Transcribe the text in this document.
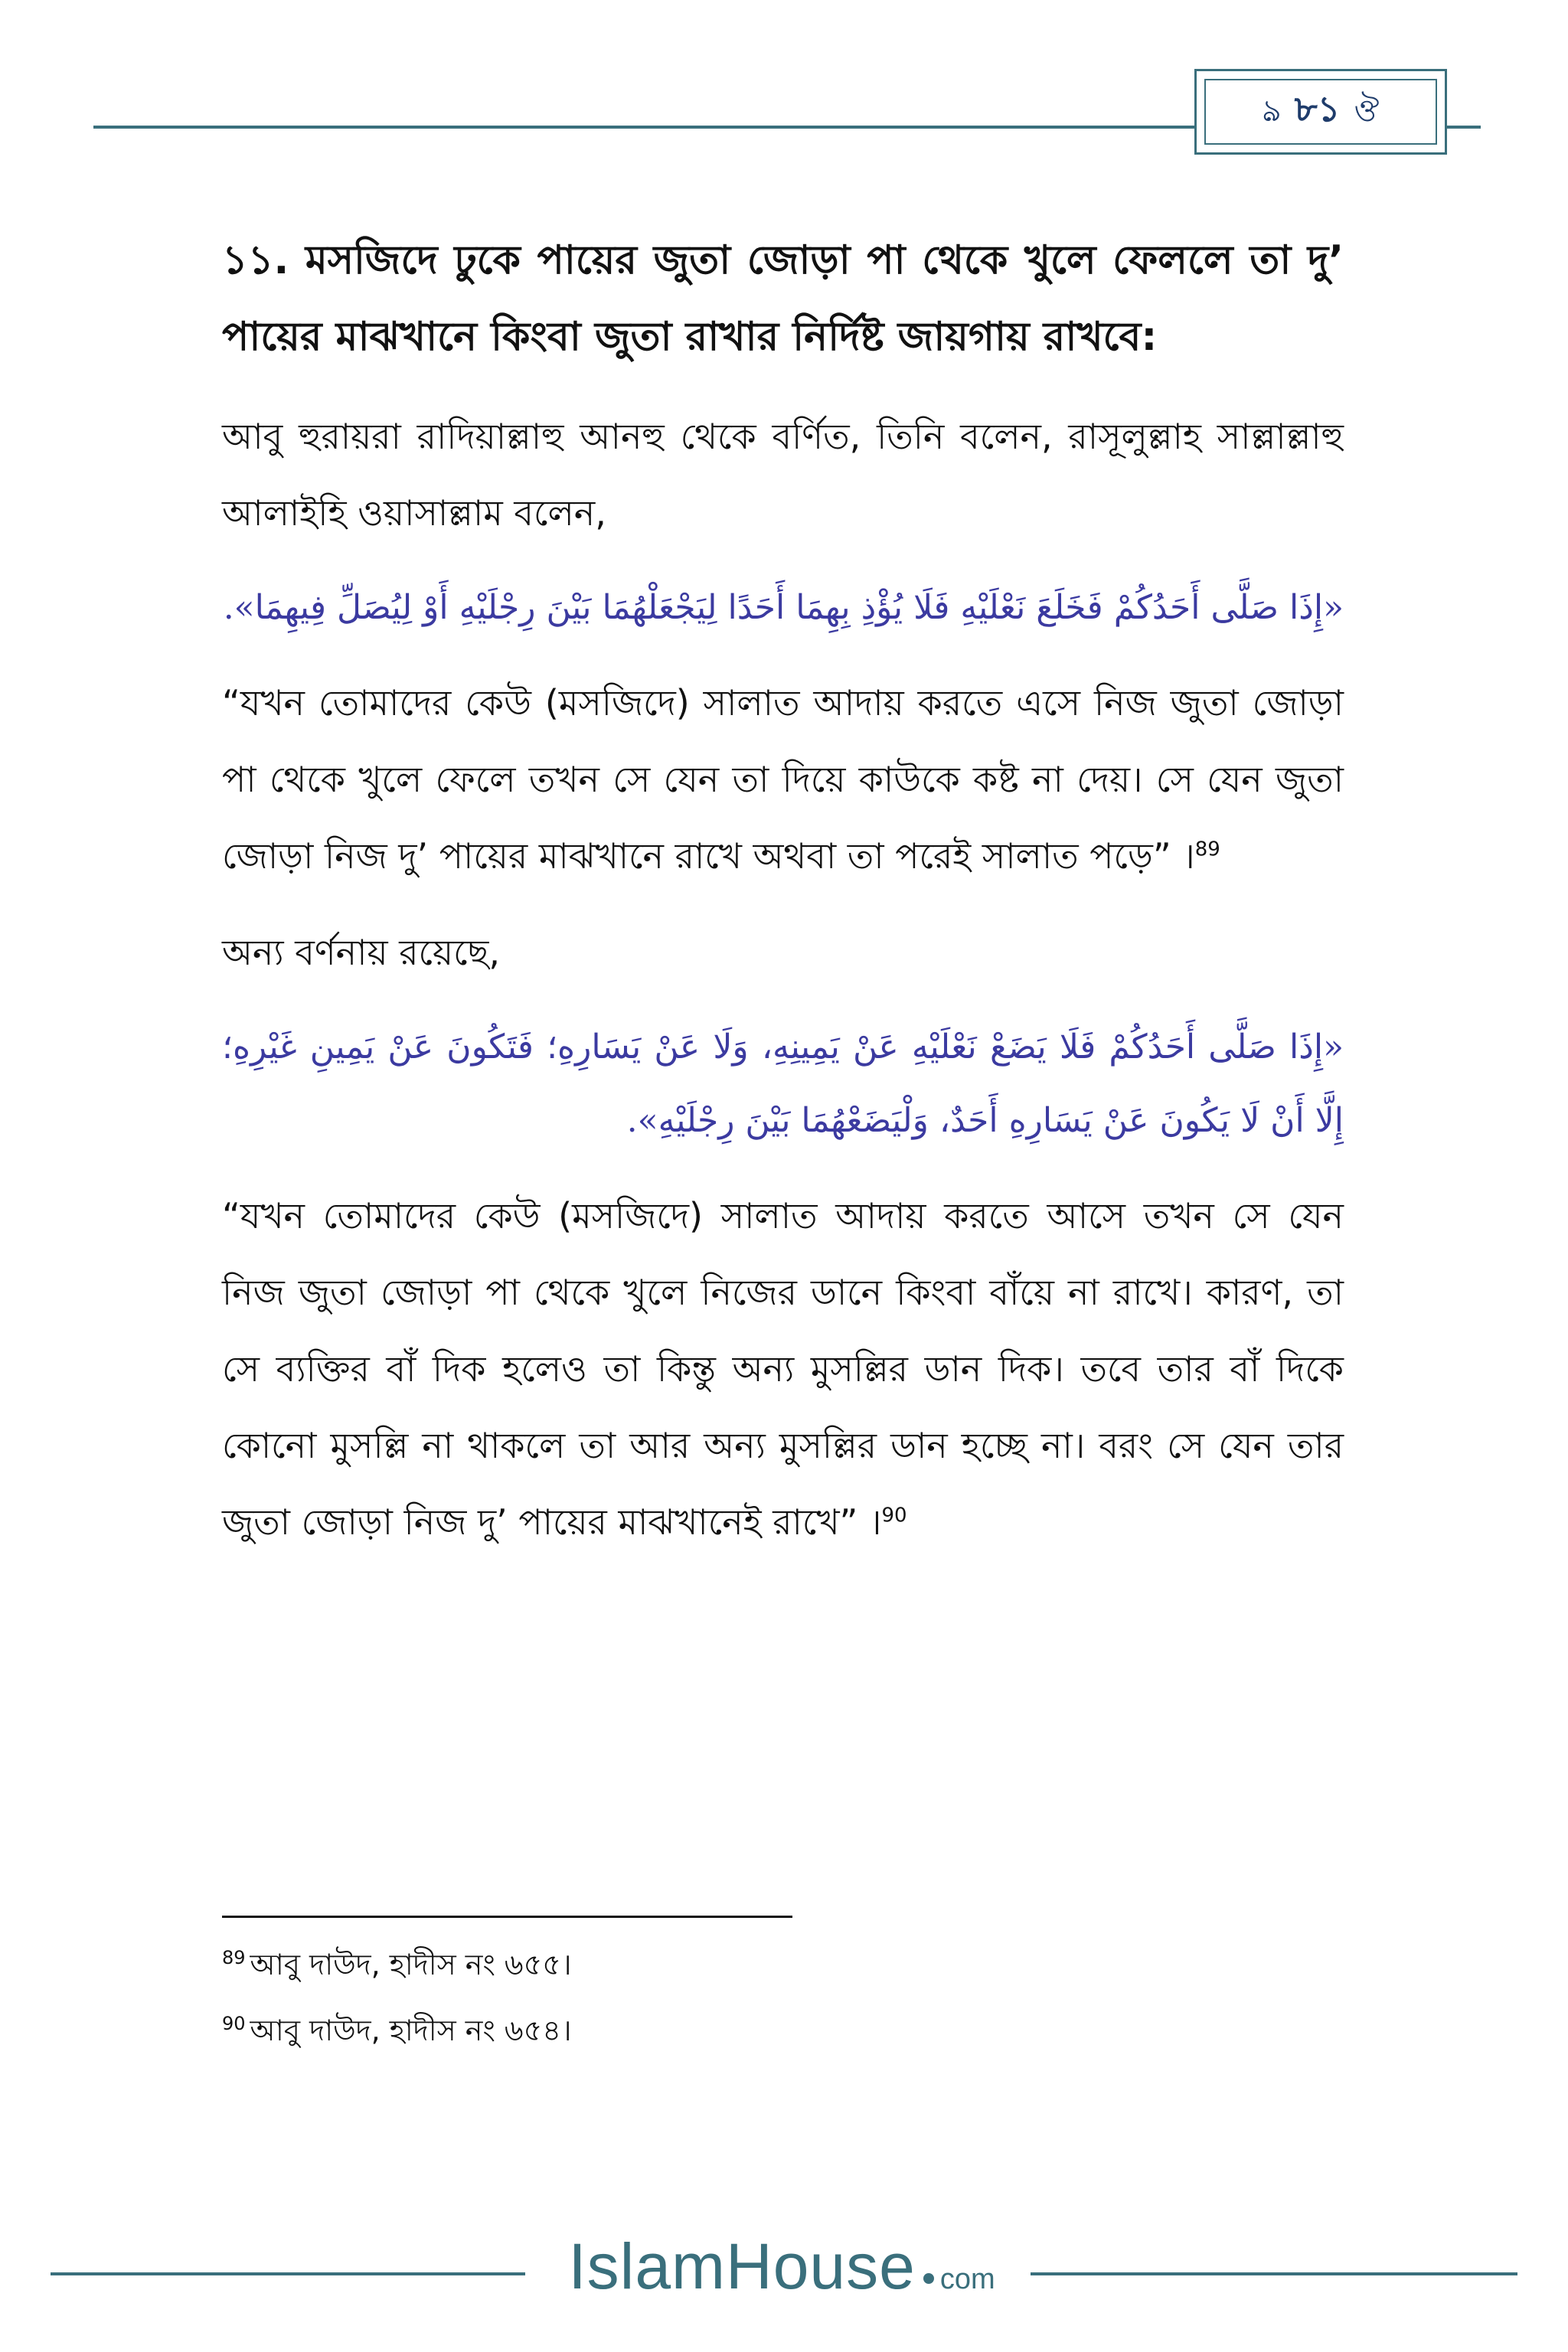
ঌ ৮১ ঔ

১১. মসজিদে ঢুকে পায়ের জুতা জোড়া পা থেকে খুলে ফেললে তা দু’ পায়ের মাঝখানে কিংবা জুতা রাখার নির্দিষ্ট জায়গায় রাখবে:

আবু হুরায়রা রাদিয়াল্লাহু আনহু থেকে বর্ণিত, তিনি বলেন, রাসূলুল্লাহ সাল্লাল্লাহু আলাইহি ওয়াসাল্লাম বলেন,

«إِذَا صَلَّى أَحَدُكُمْ فَخَلَعَ نَعْلَيْهِ فَلَا يُؤْذِ بِهِمَا أَحَدًا لِيَجْعَلْهُمَا بَيْنَ رِجْلَيْهِ أَوْ لِيُصَلِّ فِيهِمَا».

“যখন তোমাদের কেউ (মসজিদে) সালাত আদায় করতে এসে নিজ জুতা জোড়া পা থেকে খুলে ফেলে তখন সে যেন তা দিয়ে কাউকে কষ্ট না দেয়। সে যেন জুতা জোড়া নিজ দু’ পায়ের মাঝখানে রাখে অথবা তা পরেই সালাত পড়ে” ।$^{89}$

অন্য বর্ণনায় রয়েছে,

«إِذَا صَلَّى أَحَدُكُمْ فَلَا يَضَعْ نَعْلَيْهِ عَنْ يَمِينِهِ، وَلَا عَنْ يَسَارِهِ؛ فَتَكُونَ عَنْ يَمِينِ غَيْرِهِ؛ إِلَّا أَنْ لَا يَكُونَ عَنْ يَسَارِهِ أَحَدٌ، وَلْيَضَعْهُمَا بَيْنَ رِجْلَيْهِ».

“যখন তোমাদের কেউ (মসজিদে) সালাত আদায় করতে আসে তখন সে যেন নিজ জুতা জোড়া পা থেকে খুলে নিজের ডানে কিংবা বাঁয়ে না রাখে। কারণ, তা সে ব্যক্তির বাঁ দিক হলেও তা কিন্তু অন্য মুসল্লির ডান দিক। তবে তার বাঁ দিকে কোনো মুসল্লি না থাকলে তা আর অন্য মুসল্লির ডান হচ্ছে না। বরং সে যেন তার জুতা জোড়া নিজ দু’ পায়ের মাঝখানেই রাখে” ।$^{90}$

$^{89}$ আবু দাউদ, হাদীস নং ৬৫৫।

$^{90}$ আবু দাউদ, হাদীস নং ৬৫৪।

IslamHouse com
